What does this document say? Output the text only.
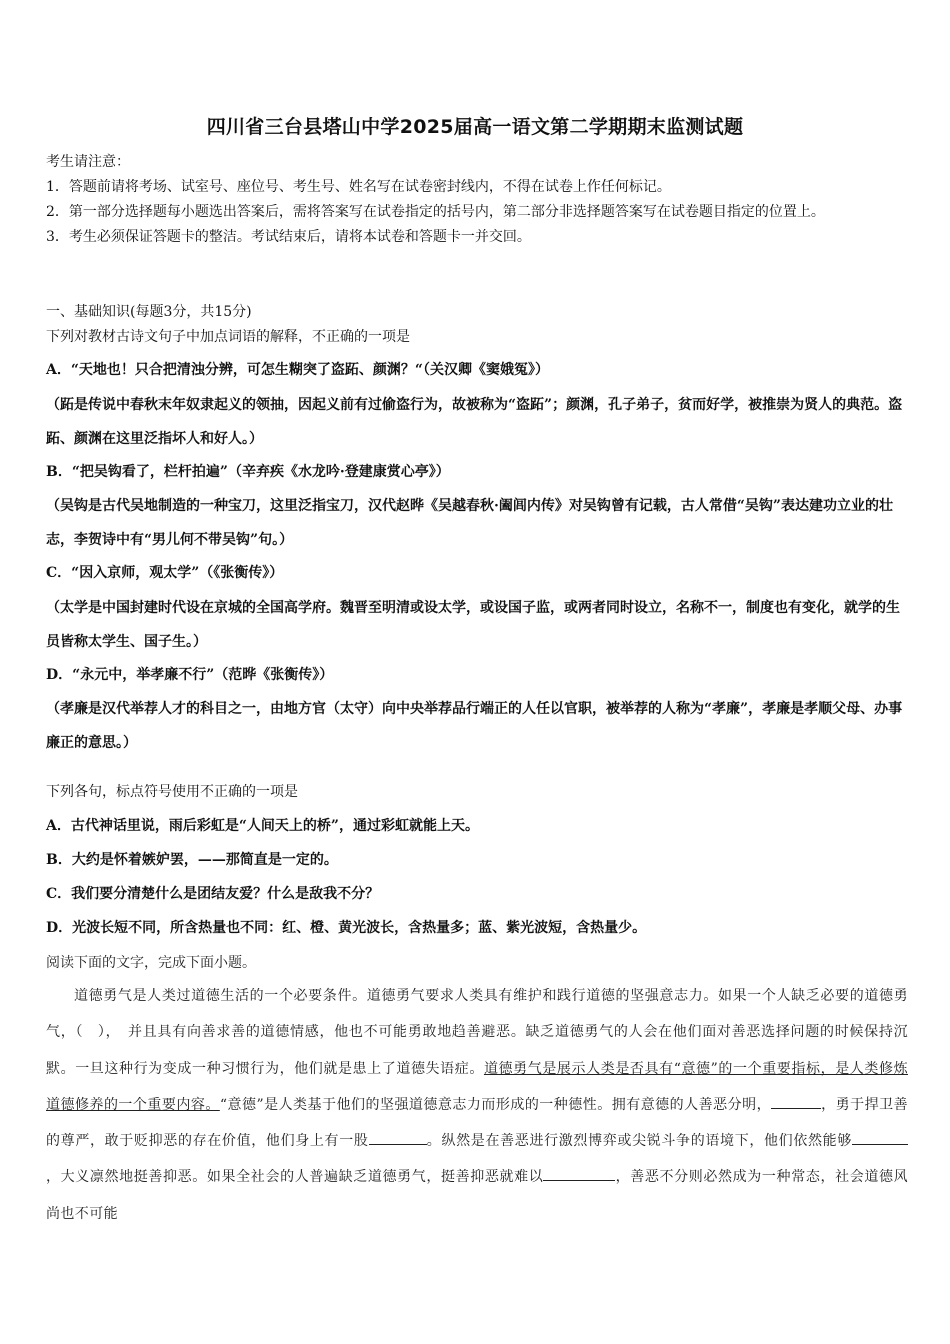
四川省三台县塔山中学2025届高一语文第二学期期末监测试题

考生请注意：

1．答题前请将考场、试室号、座位号、考生号、姓名写在试卷密封线内，不得在试卷上作任何标记。

2．第一部分选择题每小题选出答案后，需将答案写在试卷指定的括号内，第二部分非选择题答案写在试卷题目指定的位置上。

3．考生必须保证答题卡的整洁。考试结束后，请将本试卷和答题卡一并交回。

一、基础知识(每题3分，共15分)

下列对教材古诗文句子中加点词语的解释，不正确的一项是

A．“天地也！只合把清浊分辨，可怎生糊突了盗跖、颜渊？“（关汉卿《窦娥冤》）

（跖是传说中春秋末年奴隶起义的领抽，因起义前有过偷盗行为，故被称为“盗跖”；颜渊，孔子弟子，贫而好学，被推崇为贤人的典范。盗跖、颜渊在这里泛指坏人和好人。）

B．“把吴钩看了，栏杆拍遍”（辛弃疾《水龙吟·登建康赏心亭》）

（吴钩是古代吴地制造的一种宝刀，这里泛指宝刀，汉代赵晔《吴越春秋·阖闾内传》对吴钩曾有记载，古人常借“吴钩”表达建功立业的壮志，李贺诗中有“男儿何不带吴钩”句。）

C．“因入京师，观太学”（《张衡传》）

（太学是中国封建时代设在京城的全国高学府。魏晋至明清或设太学，或设国子监，或两者同时设立，名称不一，制度也有变化，就学的生员皆称太学生、国子生。）

D．“永元中，举孝廉不行”（范晔《张衡传》）

（孝廉是汉代举荐人才的科目之一，由地方官（太守）向中央举荐品行端正的人任以官职，被举荐的人称为“孝廉”，孝廉是孝顺父母、办事廉正的意思。）

下列各句，标点符号使用不正确的一项是

A．古代神话里说，雨后彩虹是“人间天上的桥”，通过彩虹就能上天。

B．大约是怀着嫉妒罢，——那简直是一定的。

C．我们要分清楚什么是团结友爱？什么是敌我不分？

D．光波长短不同，所含热量也不同：红、橙、黄光波长，含热量多；蓝、紫光波短，含热量少。

阅读下面的文字，完成下面小题。

道德勇气是人类过道德生活的一个必要条件。道德勇气要求人类具有维护和践行道德的坚强意志力。如果一个人缺乏必要的道德勇气，（　），　并且具有向善求善的道德情感，他也不可能勇敢地趋善避恶。缺乏道德勇气的人会在他们面对善恶选择问题的时候保持沉默。一旦这种行为变成一种习惯行为，他们就是患上了道德失语症。道德勇气是展示人类是否具有“意德”的一个重要指标，是人类修炼道德修养的一个重要内容。“意德”是人类基于他们的坚强道德意志力而形成的一种德性。拥有意德的人善恶分明，	，勇于捍卫善的尊严，敢于贬抑恶的存在价值，他们身上有一股	。纵然是在善恶进行激烈博弈或尖锐斗争的语境下，他们依然能够，大义凛然地挺善抑恶。如果全社会的人普遍缺乏道德勇气，挺善抑恶就难以	，善恶不分则必然成为一种常态，社会道德风尚也不可能
